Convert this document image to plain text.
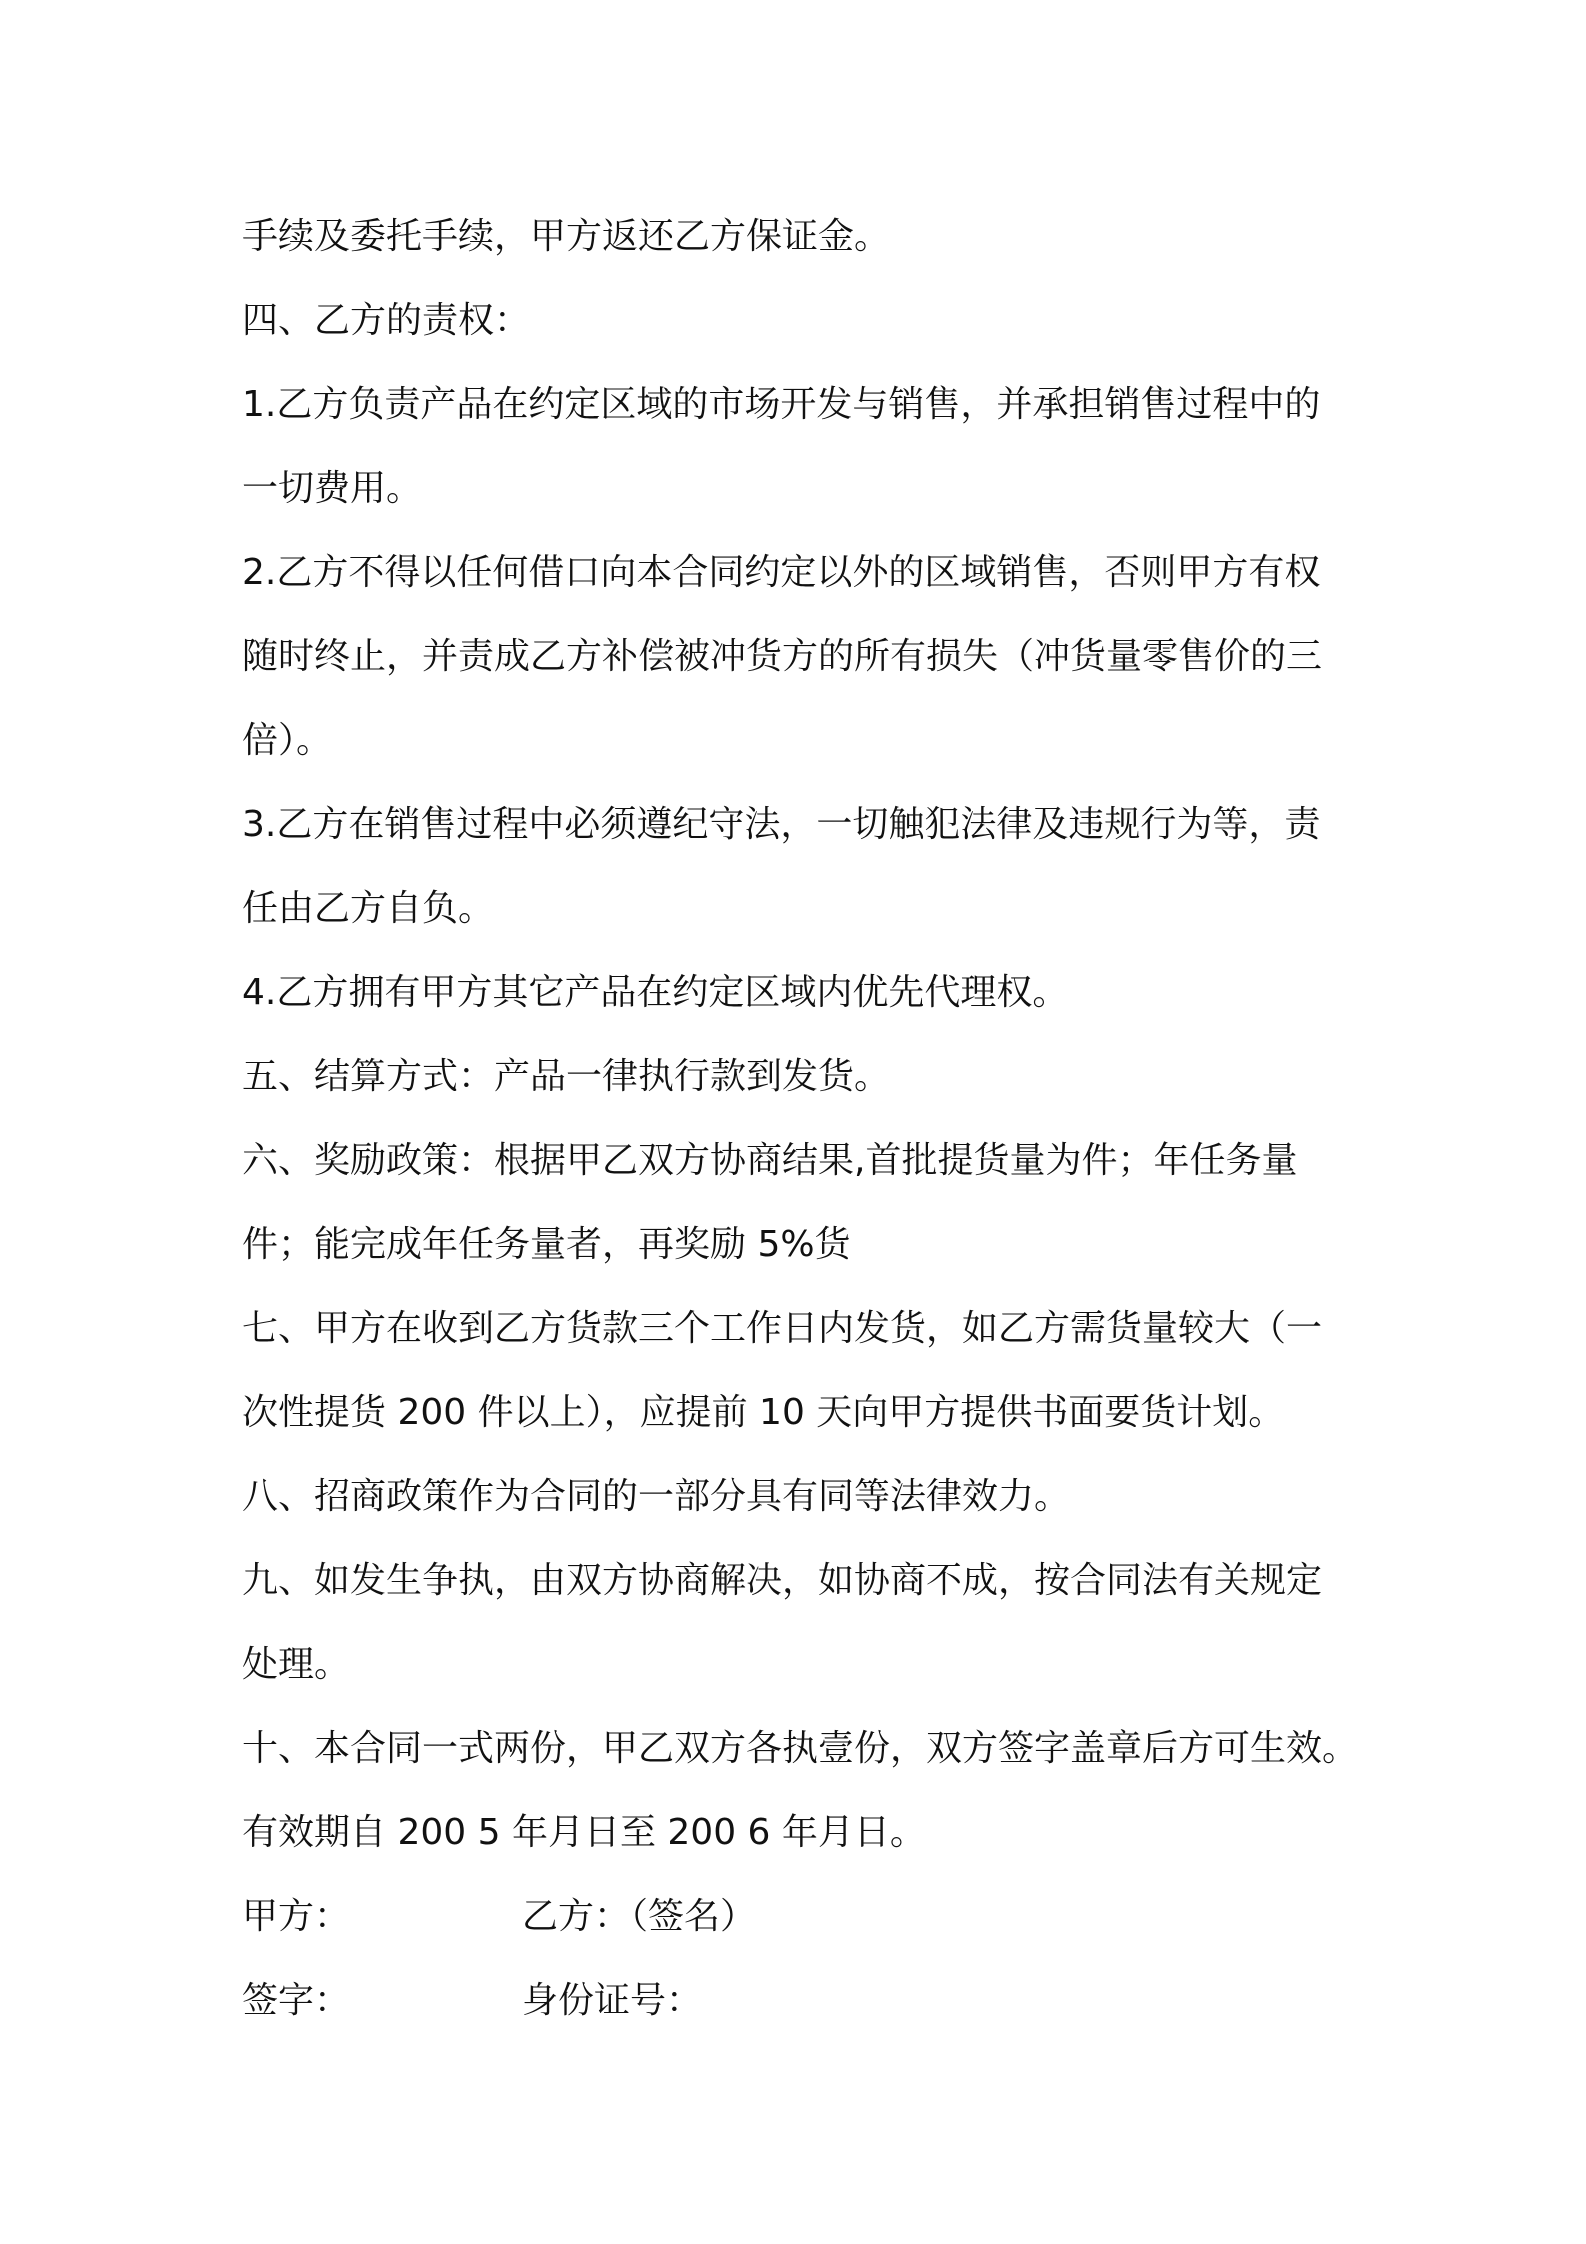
手续及委托手续，甲方返还乙方保证金。

四、乙方的责权：

1.乙方负责产品在约定区域的市场开发与销售，并承担销售过程中的

一切费用。

2.乙方不得以任何借口向本合同约定以外的区域销售，否则甲方有权

随时终止，并责成乙方补偿被冲货方的所有损失（冲货量零售价的三

倍）。

3.乙方在销售过程中必须遵纪守法，一切触犯法律及违规行为等，责

任由乙方自负。

4.乙方拥有甲方其它产品在约定区域内优先代理权。

五、结算方式：产品一律执行款到发货。

六、奖励政策：根据甲乙双方协商结果,首批提货量为件；年任务量

件；能完成年任务量者，再奖励 5%货

七、甲方在收到乙方货款三个工作日内发货，如乙方需货量较大（一

次性提货 200 件以上），应提前 10 天向甲方提供书面要货计划。

八、招商政策作为合同的一部分具有同等法律效力。

九、如发生争执，由双方协商解决，如协商不成，按合同法有关规定

处理。

十、本合同一式两份，甲乙双方各执壹份，双方签字盖章后方可生效。

有效期自 200 5 年月日至 200 6 年月日。

甲方：	乙方：（签名）
签字：	身份证号：
